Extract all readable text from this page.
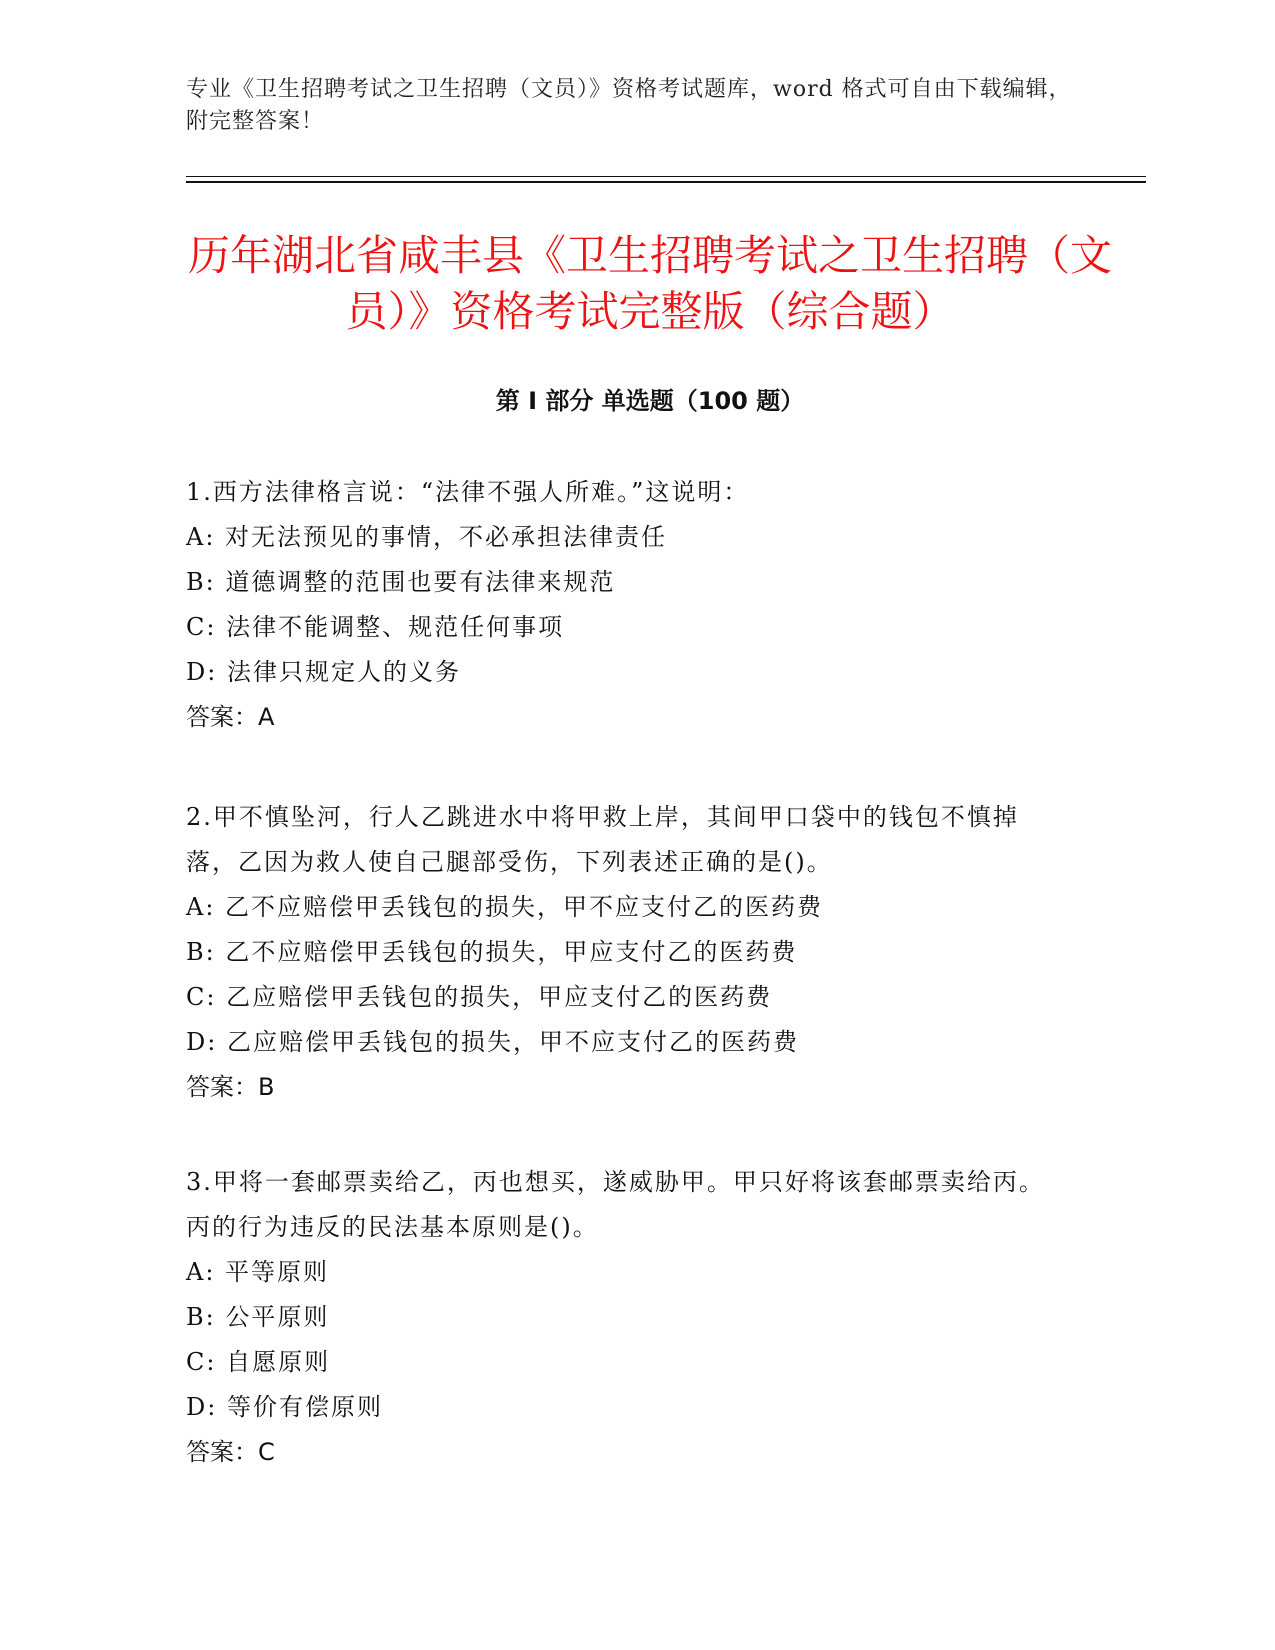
专业《卫生招聘考试之卫生招聘（文员）》资格考试题库，word 格式可自由下载编辑，附完整答案！
历年湖北省咸丰县《卫生招聘考试之卫生招聘（文员）》资格考试完整版（综合题）
第 I 部分 单选题（100 题）
1.西方法律格言说：“法律不强人所难。”这说明：
A: 对无法预见的事情，不必承担法律责任
B: 道德调整的范围也要有法律来规范
C: 法律不能调整、规范任何事项
D: 法律只规定人的义务
答案：A
2.甲不慎坠河，行人乙跳进水中将甲救上岸，其间甲口袋中的钱包不慎掉落，乙因为救人使自己腿部受伤，下列表述正确的是()。
A: 乙不应赔偿甲丢钱包的损失，甲不应支付乙的医药费
B: 乙不应赔偿甲丢钱包的损失，甲应支付乙的医药费
C: 乙应赔偿甲丢钱包的损失，甲应支付乙的医药费
D: 乙应赔偿甲丢钱包的损失，甲不应支付乙的医药费
答案：B
3.甲将一套邮票卖给乙，丙也想买，遂威胁甲。甲只好将该套邮票卖给丙。丙的行为违反的民法基本原则是()。
A: 平等原则
B: 公平原则
C: 自愿原则
D: 等价有偿原则
答案：C
